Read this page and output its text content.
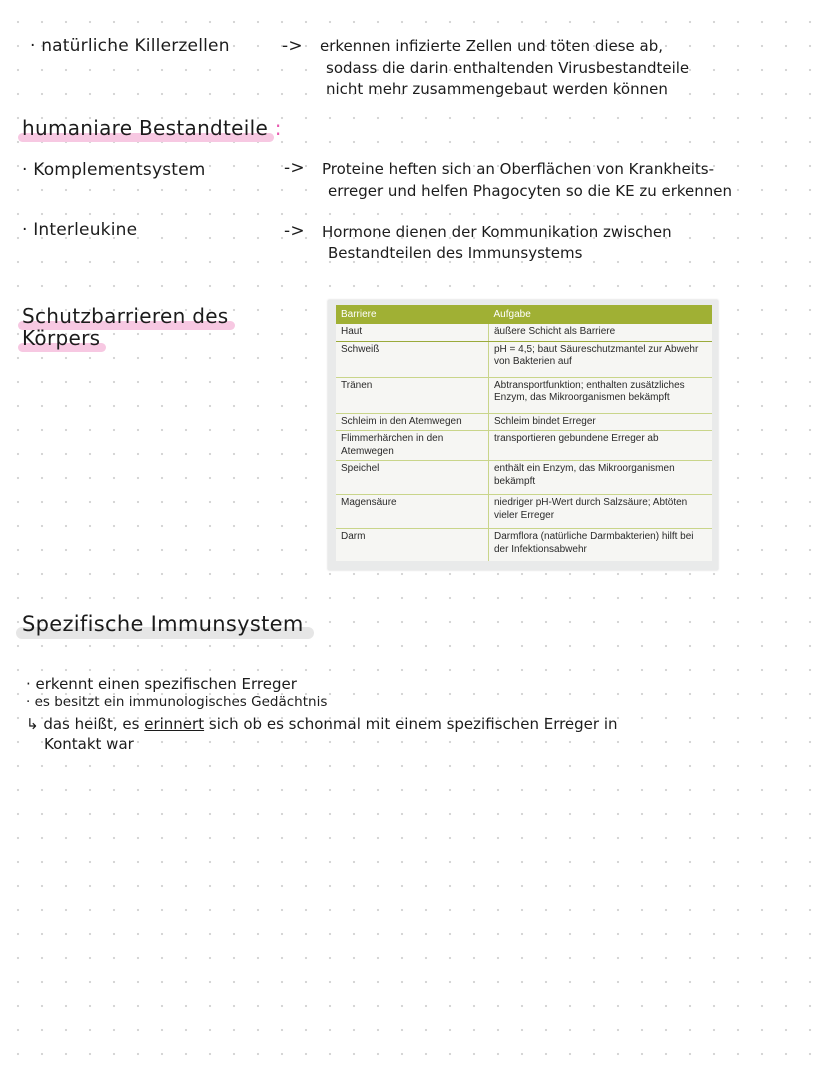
· natürliche Killerzellen	-> erkennen infizierte Zellen und töten diese ab,
sodass die darin enthaltenden Virusbestandteile
nicht mehr zusammengebaut werden können
humaniare Bestandteile :
· Komplementsystem	-> Proteine heften sich an Oberflächen von Krankheits-
erreger und helfen Phagocyten so die KE zu erkennen
· Interleukine	-> Hormone dienen der Kommunikation zwischen
Bestandteilen des Immunsystems
Schutzbarrieren des
Körpers
Barriere	Aufgabe
Haut	äußere Schicht als Barriere
Schweiß	pH = 4,5; baut Säureschutzmantel zur Abwehr von Bakterien auf
Tränen	Abtransportfunktion; enthalten zusätzliches Enzym, das Mikroorganismen bekämpft
Schleim in den Atemwegen	Schleim bindet Erreger
Flimmerhärchen in den Atemwegen	transportieren gebundene Erreger ab
Speichel	enthält ein Enzym, das Mikroorganismen bekämpft
Magensäure	niedriger pH-Wert durch Salzsäure; Abtöten vieler Erreger
Darm	Darmflora (natürliche Darmbakterien) hilft bei der Infektionsabwehr
Spezifische Immunsystem
· erkennt einen spezifischen Erreger
· es besitzt ein immunologisches Gedächtnis
↳ das heißt, es erinnert sich ob es schonmal mit einem spezifischen Erreger in
Kontakt war
